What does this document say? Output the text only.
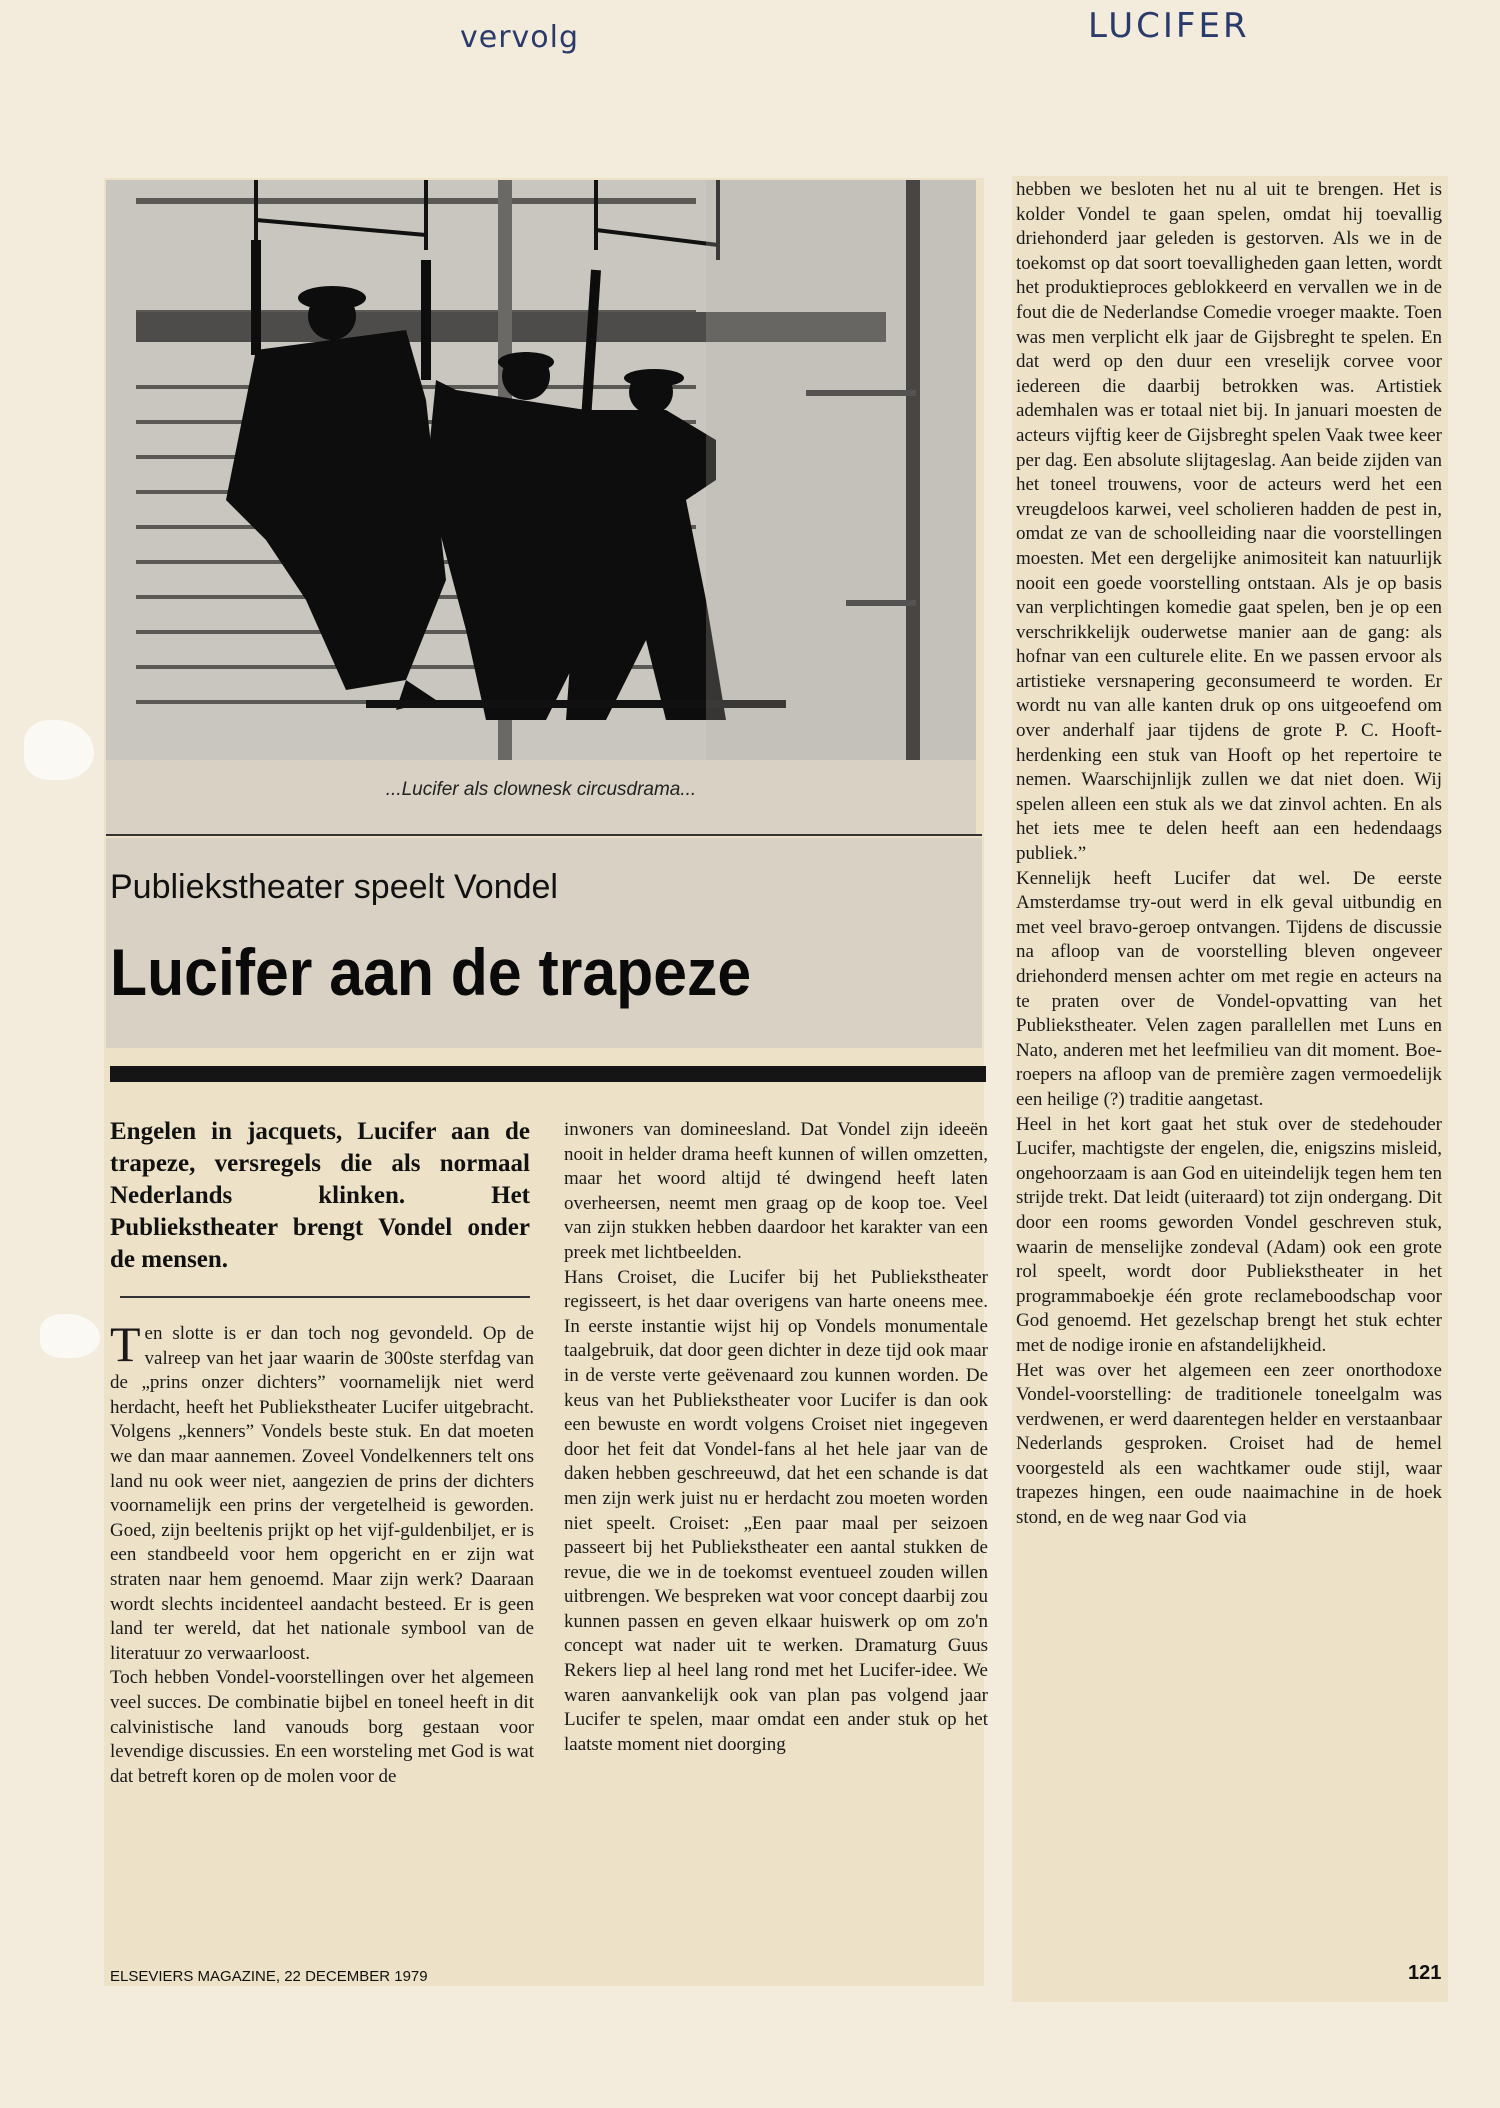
vervolg	LUCIFER
...Lucifer als clownesk circusdrama...
Publiekstheater speelt Vondel
Lucifer aan de trapeze
Engelen in jacquets, Lucifer aan de trapeze, versregels die als normaal Nederlands klinken. Het Publiekstheater brengt Vondel onder de mensen.

Ten slotte is er dan toch nog gevondeld. Op de valreep van het jaar waarin de 300ste sterfdag van de „prins onzer dichters” voornamelijk niet werd herdacht, heeft het Publiekstheater Lucifer uitgebracht. Volgens „kenners” Vondels beste stuk. En dat moeten we dan maar aannemen. Zoveel Vondelkenners telt ons land nu ook weer niet, aangezien de prins der dichters voornamelijk een prins der vergetelheid is geworden. Goed, zijn beeltenis prijkt op het vijf-guldenbiljet, er is een standbeeld voor hem opgericht en er zijn wat straten naar hem genoemd. Maar zijn werk? Daaraan wordt slechts incidenteel aandacht besteed. Er is geen land ter wereld, dat het nationale symbool van de literatuur zo verwaarloost.

Toch hebben Vondel-voorstellingen over het algemeen veel succes. De combinatie bijbel en toneel heeft in dit calvinistische land vanouds borg gestaan voor levendige discussies. En een worsteling met God is wat dat betreft koren op de molen voor de

inwoners van domineesland. Dat Vondel zijn ideeën nooit in helder drama heeft kunnen of willen omzetten, maar het woord altijd té dwingend heeft laten overheersen, neemt men graag op de koop toe. Veel van zijn stukken hebben daardoor het karakter van een preek met lichtbeelden.

Hans Croiset, die Lucifer bij het Publiekstheater regisseert, is het daar overigens van harte oneens mee. In eerste instantie wijst hij op Vondels monumentale taalgebruik, dat door geen dichter in deze tijd ook maar in de verste verte geëvenaard zou kunnen worden. De keus van het Publiekstheater voor Lucifer is dan ook een bewuste en wordt volgens Croiset niet ingegeven door het feit dat Vondel-fans al het hele jaar van de daken hebben geschreeuwd, dat het een schande is dat men zijn werk juist nu er herdacht zou moeten worden niet speelt. Croiset: „Een paar maal per seizoen passeert bij het Publiekstheater een aantal stukken de revue, die we in de toekomst eventueel zouden willen uitbrengen. We bespreken wat voor concept daarbij zou kunnen passen en geven elkaar huiswerk op om zo'n concept wat nader uit te werken. Dramaturg Guus Rekers liep al heel lang rond met het Lucifer-idee. We waren aanvankelijk ook van plan pas volgend jaar Lucifer te spelen, maar omdat een ander stuk op het laatste moment niet doorging

hebben we besloten het nu al uit te brengen. Het is kolder Vondel te gaan spelen, omdat hij toevallig driehonderd jaar geleden is gestorven. Als we in de toekomst op dat soort toevalligheden gaan letten, wordt het produktieproces geblokkeerd en vervallen we in de fout die de Nederlandse Comedie vroeger maakte. Toen was men verplicht elk jaar de Gijsbreght te spelen. En dat werd op den duur een vreselijk corvee voor iedereen die daarbij betrokken was. Artistiek ademhalen was er totaal niet bij. In januari moesten de acteurs vijftig keer de Gijsbreght spelen Vaak twee keer per dag. Een absolute slijtageslag. Aan beide zijden van het toneel trouwens, voor de acteurs werd het een vreugdeloos karwei, veel scholieren hadden de pest in, omdat ze van de schoolleiding naar die voorstellingen moesten. Met een dergelijke animositeit kan natuurlijk nooit een goede voorstelling ontstaan. Als je op basis van verplichtingen komedie gaat spelen, ben je op een verschrikkelijk ouderwetse manier aan de gang: als hofnar van een culturele elite. En we passen ervoor als artistieke versnapering geconsumeerd te worden. Er wordt nu van alle kanten druk op ons uitgeoefend om over anderhalf jaar tijdens de grote P. C. Hooft-herdenking een stuk van Hooft op het repertoire te nemen. Waarschijnlijk zullen we dat niet doen. Wij spelen alleen een stuk als we dat zinvol achten. En als het iets mee te delen heeft aan een hedendaags publiek.”

Kennelijk heeft Lucifer dat wel. De eerste Amsterdamse try-out werd in elk geval uitbundig en met veel bravo-geroep ontvangen. Tijdens de discussie na afloop van de voorstelling bleven ongeveer driehonderd mensen achter om met regie en acteurs na te praten over de Vondel-opvatting van het Publiekstheater. Velen zagen parallellen met Luns en Nato, anderen met het leefmilieu van dit moment. Boe-roepers na afloop van de première zagen vermoedelijk een heilige (?) traditie aangetast.

Heel in het kort gaat het stuk over de stedehouder Lucifer, machtigste der engelen, die, enigszins misleid, ongehoorzaam is aan God en uiteindelijk tegen hem ten strijde trekt. Dat leidt (uiteraard) tot zijn ondergang. Dit door een rooms geworden Vondel geschreven stuk, waarin de menselijke zondeval (Adam) ook een grote rol speelt, wordt door Publiekstheater in het programmaboekje één grote reclameboodschap voor God genoemd. Het gezelschap brengt het stuk echter met de nodige ironie en afstandelijkheid.

Het was over het algemeen een zeer onorthodoxe Vondel-voorstelling: de traditionele toneelgalm was verdwenen, er werd daarentegen helder en verstaanbaar Nederlands gesproken. Croiset had de hemel voorgesteld als een wachtkamer oude stijl, waar trapezes hingen, een oude naaimachine in de hoek stond, en de weg naar God via

ELSEVIERS MAGAZINE, 22 DECEMBER 1979	121
